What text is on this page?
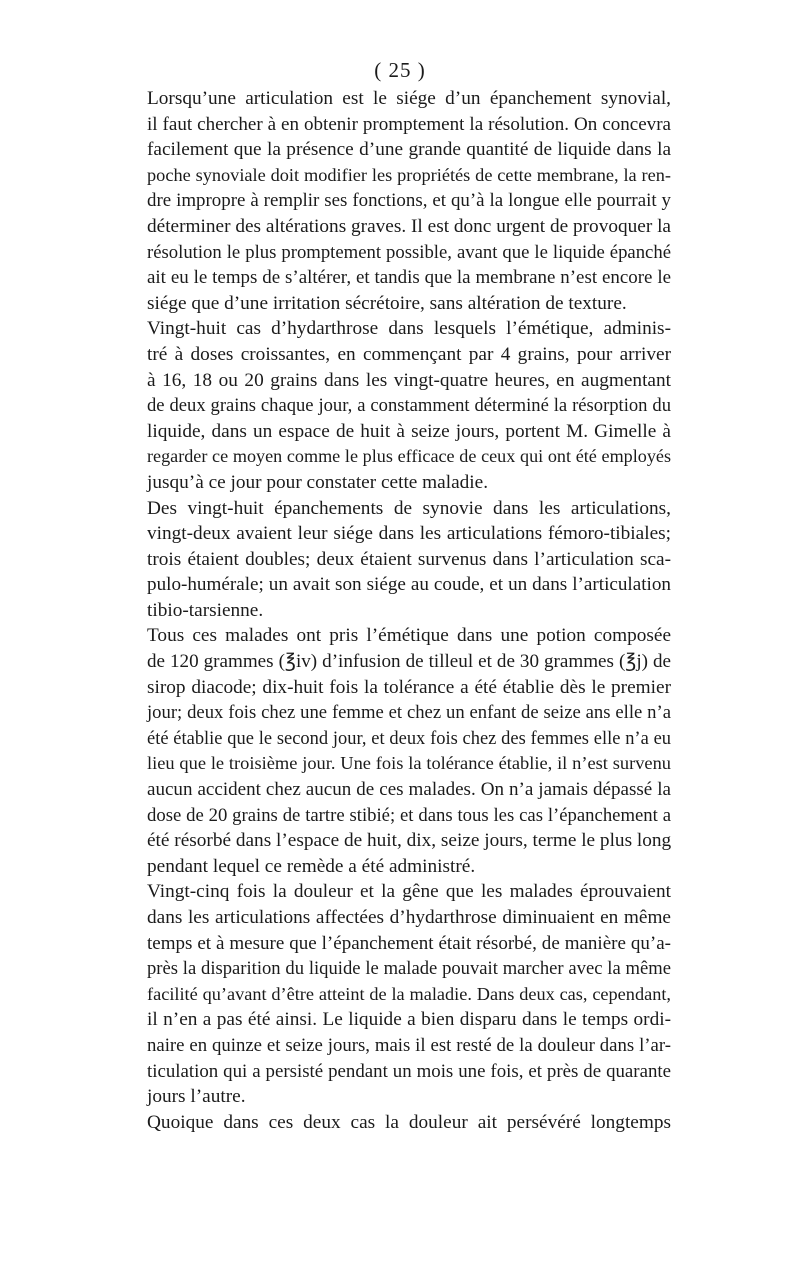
( 25 )
Lorsqu’une articulation est le siége d’un épanchement synovial,
il faut chercher à en obtenir promptement la résolution. On concevra
facilement que la présence d’une grande quantité de liquide dans la
poche synoviale doit modifier les propriétés de cette membrane, la ren-
dre impropre à remplir ses fonctions, et qu’à la longue elle pourrait y
déterminer des altérations graves. Il est donc urgent de provoquer la
résolution le plus promptement possible, avant que le liquide épanché
ait eu le temps de s’altérer, et tandis que la membrane n’est encore le
siége que d’une irritation sécrétoire, sans altération de texture.
Vingt-huit cas d’hydarthrose dans lesquels l’émétique, adminis-
tré à doses croissantes, en commençant par 4 grains, pour arriver
à 16, 18 ou 20 grains dans les vingt-quatre heures, en augmentant
de deux grains chaque jour, a constamment déterminé la résorption du
liquide, dans un espace de huit à seize jours, portent M. Gimelle à
regarder ce moyen comme le plus efficace de ceux qui ont été employés
jusqu’à ce jour pour constater cette maladie.
Des vingt-huit épanchements de synovie dans les articulations,
vingt-deux avaient leur siége dans les articulations fémoro-tibiales;
trois étaient doubles; deux étaient survenus dans l’articulation sca-
pulo-humérale; un avait son siége au coude, et un dans l’articulation
tibio-tarsienne.
Tous ces malades ont pris l’émétique dans une potion composée
de 120 grammes (℥iv) d’infusion de tilleul et de 30 grammes (℥j) de
sirop diacode; dix-huit fois la tolérance a été établie dès le premier
jour; deux fois chez une femme et chez un enfant de seize ans elle n’a
été établie que le second jour, et deux fois chez des femmes elle n’a eu
lieu que le troisième jour. Une fois la tolérance établie, il n’est survenu
aucun accident chez aucun de ces malades. On n’a jamais dépassé la
dose de 20 grains de tartre stibié; et dans tous les cas l’épanchement a
été résorbé dans l’espace de huit, dix, seize jours, terme le plus long
pendant lequel ce remède a été administré.
Vingt-cinq fois la douleur et la gêne que les malades éprouvaient
dans les articulations affectées d’hydarthrose diminuaient en même
temps et à mesure que l’épanchement était résorbé, de manière qu’a-
près la disparition du liquide le malade pouvait marcher avec la même
facilité qu’avant d’être atteint de la maladie. Dans deux cas, cependant,
il n’en a pas été ainsi. Le liquide a bien disparu dans le temps ordi-
naire en quinze et seize jours, mais il est resté de la douleur dans l’ar-
ticulation qui a persisté pendant un mois une fois, et près de quarante
jours l’autre.
Quoique dans ces deux cas la douleur ait persévéré longtemps
